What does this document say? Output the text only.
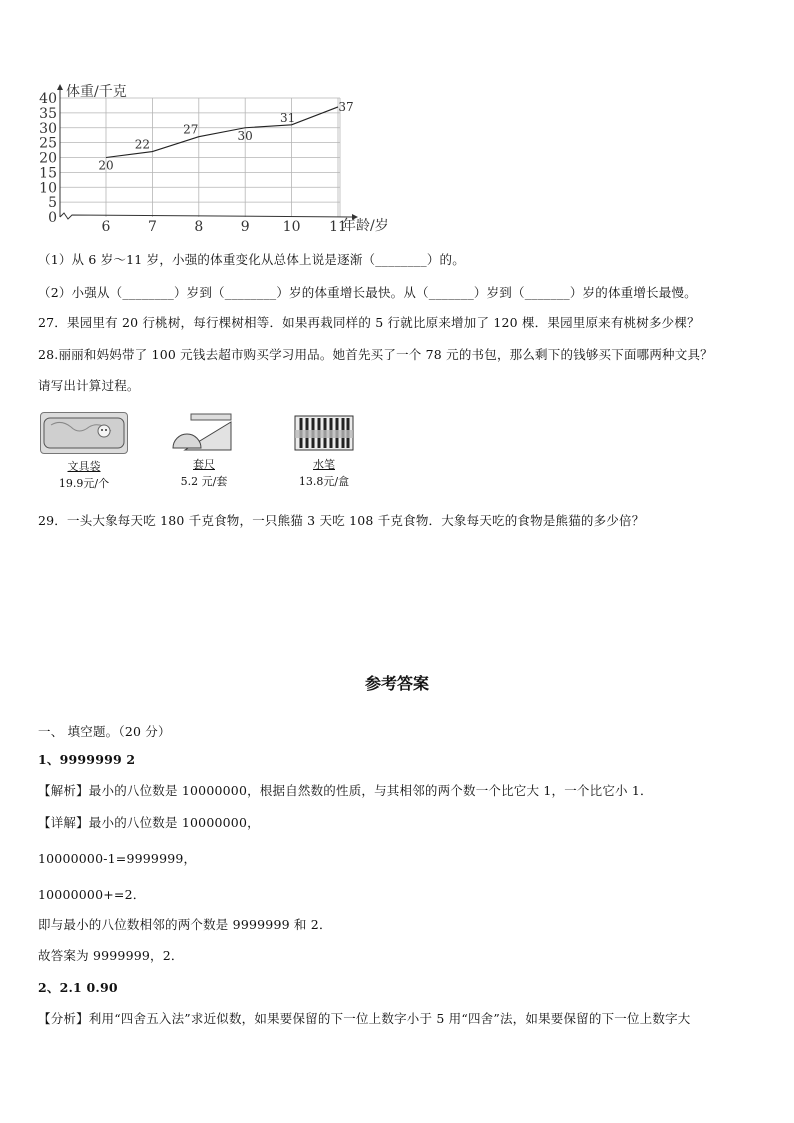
0
5
10
15
20
25
30
35
40
6	7	8	9 10 11
20
22
27	30
31
37
体重/千克
年龄/岁
（1）从 6 岁～11 岁，小强的体重变化从总体上说是逐渐（________）的。
（2）小强从（________）岁到（________）岁的体重增长最快。从（_______）岁到（_______）岁的体重增长最慢。
27．果园里有 20 行桃树，每行棵树相等．如果再栽同样的 5 行就比原来增加了 120 棵．果园里原来有桃树多少棵？
28.丽丽和妈妈带了 100 元钱去超市购买学习用品。她首先买了一个 78 元的书包，那么剩下的钱够买下面哪两种文具？
请写出计算过程。
文具袋
19.9元/个
套尺
5.2 元/套
水笔
13.8元/盒
29．一头大象每天吃 180 千克食物，一只熊猫 3 天吃 108 千克食物．大象每天吃的食物是熊猫的多少倍？
参考答案
一、 填空题。（20 分）
1、9999999 2
【解析】最小的八位数是 10000000，根据自然数的性质，与其相邻的两个数一个比它大 1，一个比它小 1．
【详解】最小的八位数是 10000000，
10000000-1=9999999，
10000000+=2．
即与最小的八位数相邻的两个数是 9999999 和 2．
故答案为 9999999，2．
2、2.1 0.90
【分析】利用“四舍五入法”求近似数，如果要保留的下一位上数字小于 5 用“四舍”法，如果要保留的下一位上数字大
